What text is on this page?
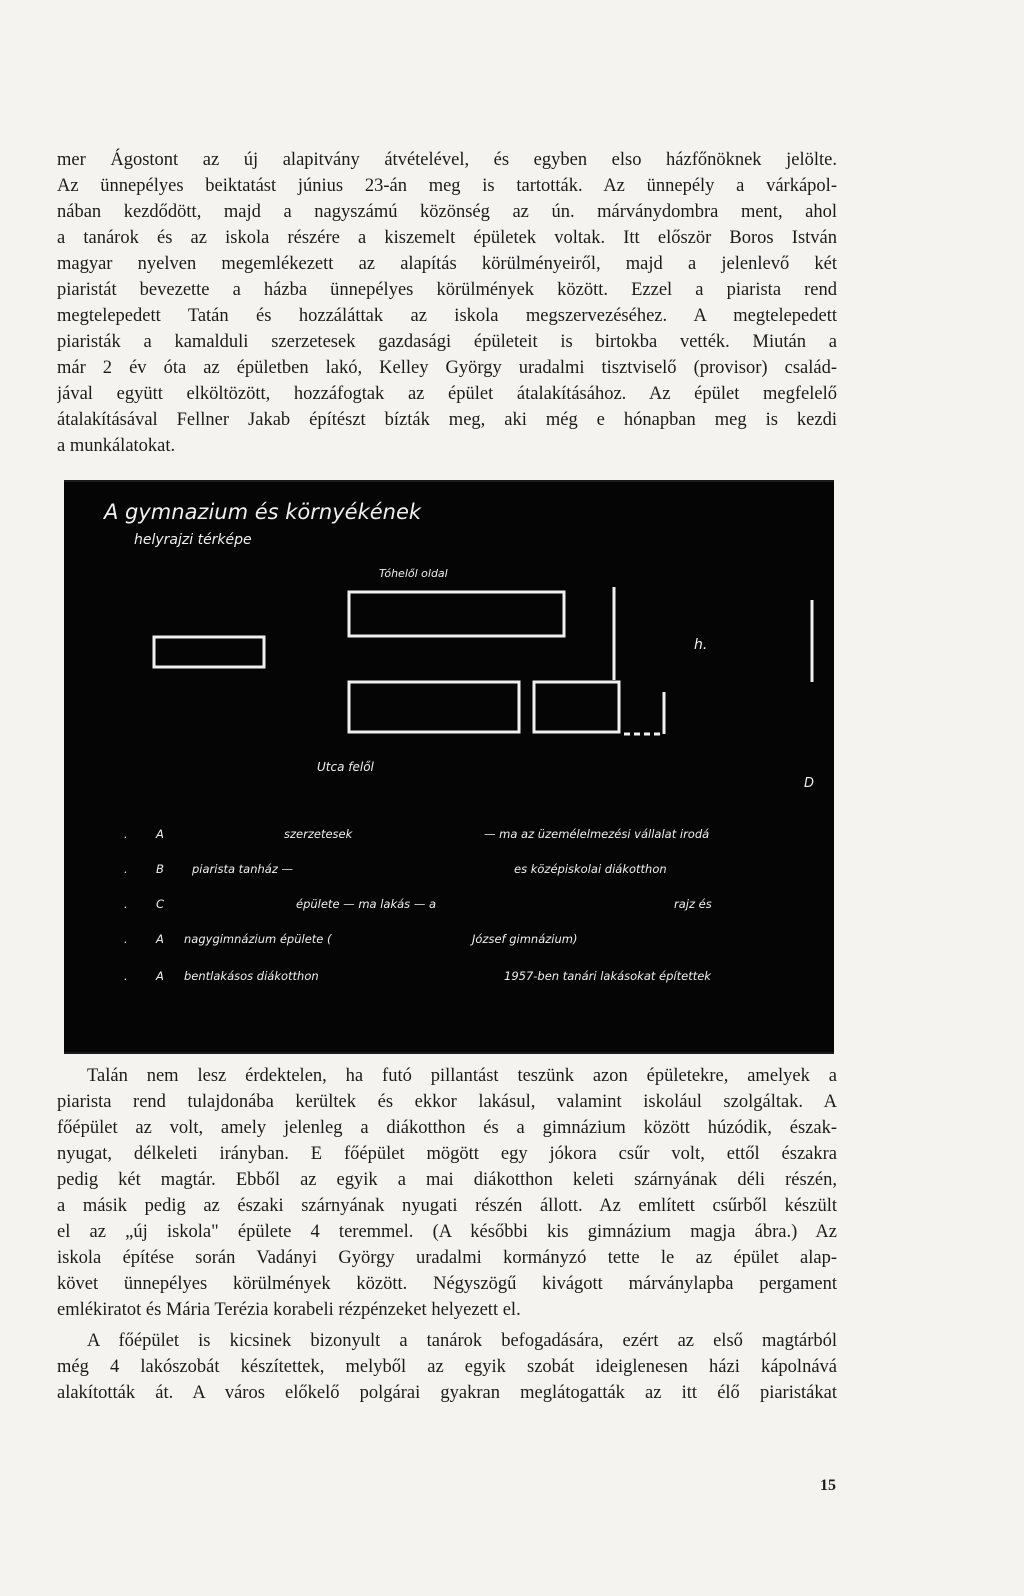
mer Ágostont az új alapitvány átvételével, és egyben elso házfőnöknek jelölte.
Az ünnepélyes beiktatást június 23-án meg is tartották. Az ünnepély a várkápol-
nában kezdődött, majd a nagyszámú közönség az ún. márványdombra ment, ahol
a tanárok és az iskola részére a kiszemelt épületek voltak. Itt először Boros István
magyar nyelven megemlékezett az alapítás körülményeiről, majd a jelenlevő két
piaristát bevezette a házba ünnepélyes körülmények között. Ezzel a piarista rend
megtelepedett Tatán és hozzáláttak az iskola megszervezéséhez. A megtelepedett
piaristák a kamalduli szerzetesek gazdasági épületeit is birtokba vették. Miután a
már 2 év óta az épületben lakó, Kelley György uradalmi tisztviselő (provisor) család-
jával együtt elköltözött, hozzáfogtak az épület átalakításához. Az épület megfelelő
átalakításával Fellner Jakab építészt bízták meg, aki még e hónapban meg is kezdi
a munkálatokat.
A gymnazium és környékének
helyrajzi térképe
Tóhelől oldal
h.
Utca felől
D
. A	szerzetesek	— ma az üzemélelmezési vállalat irodá
. B piarista tanház —	es középiskolai diákotthon
. C	épülete — ma lakás — a	rajz és
. A nagygimnázium épülete (	József gimnázium)
. A bentlakásos diákotthon	1957-ben tanári lakásokat építettek
Talán nem lesz érdektelen, ha futó pillantást teszünk azon épületekre, amelyek a
piarista rend tulajdonába kerültek és ekkor lakásul, valamint iskolául szolgáltak. A
főépület az volt, amely jelenleg a diákotthon és a gimnázium között húzódik, észak-
nyugat, délkeleti irányban. E főépület mögött egy jókora csűr volt, ettől északra
pedig két magtár. Ebből az egyik a mai diákotthon keleti szárnyának déli részén,
a másik pedig az északi szárnyának nyugati részén állott. Az említett csűrből készült
el az „új iskola" épülete 4 teremmel. (A későbbi kis gimnázium magja ábra.) Az
iskola építése során Vadányi György uradalmi kormányzó tette le az épület alap-
követ ünnepélyes körülmények között. Négyszögű kivágott márványlapba pergament
emlékiratot és Mária Terézia korabeli rézpénzeket helyezett el.
A főépület is kicsinek bizonyult a tanárok befogadására, ezért az első magtárból
még 4 lakószobát készítettek, melyből az egyik szobát ideiglenesen házi kápolnává
alakították át. A város előkelő polgárai gyakran meglátogatták az itt élő piaristákat
15
